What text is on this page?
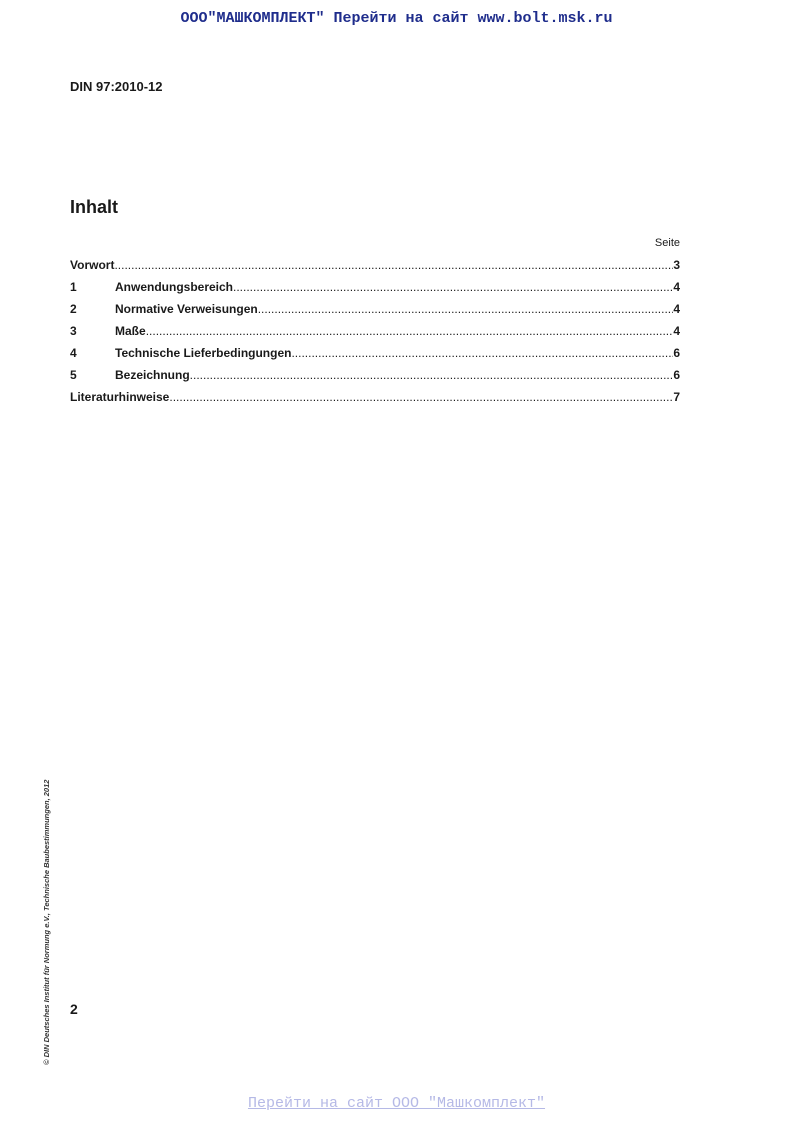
ООО"МАШКОМПЛЕКТ" Перейти на сайт www.bolt.msk.ru
DIN 97:2010-12
Inhalt
Seite
Vorwort .....	3
1	Anwendungsbereich .....	4
2	Normative Verweisungen .....	4
3	Maße .....	4
4	Technische Lieferbedingungen .....	6
5	Bezeichnung .....	6
Literaturhinweise .....	7
2
© DIN Deutsches Institut für Normung e.V., Technische Baubestimmungen, 2012
Перейти на сайт ООО "Машкомплект"
